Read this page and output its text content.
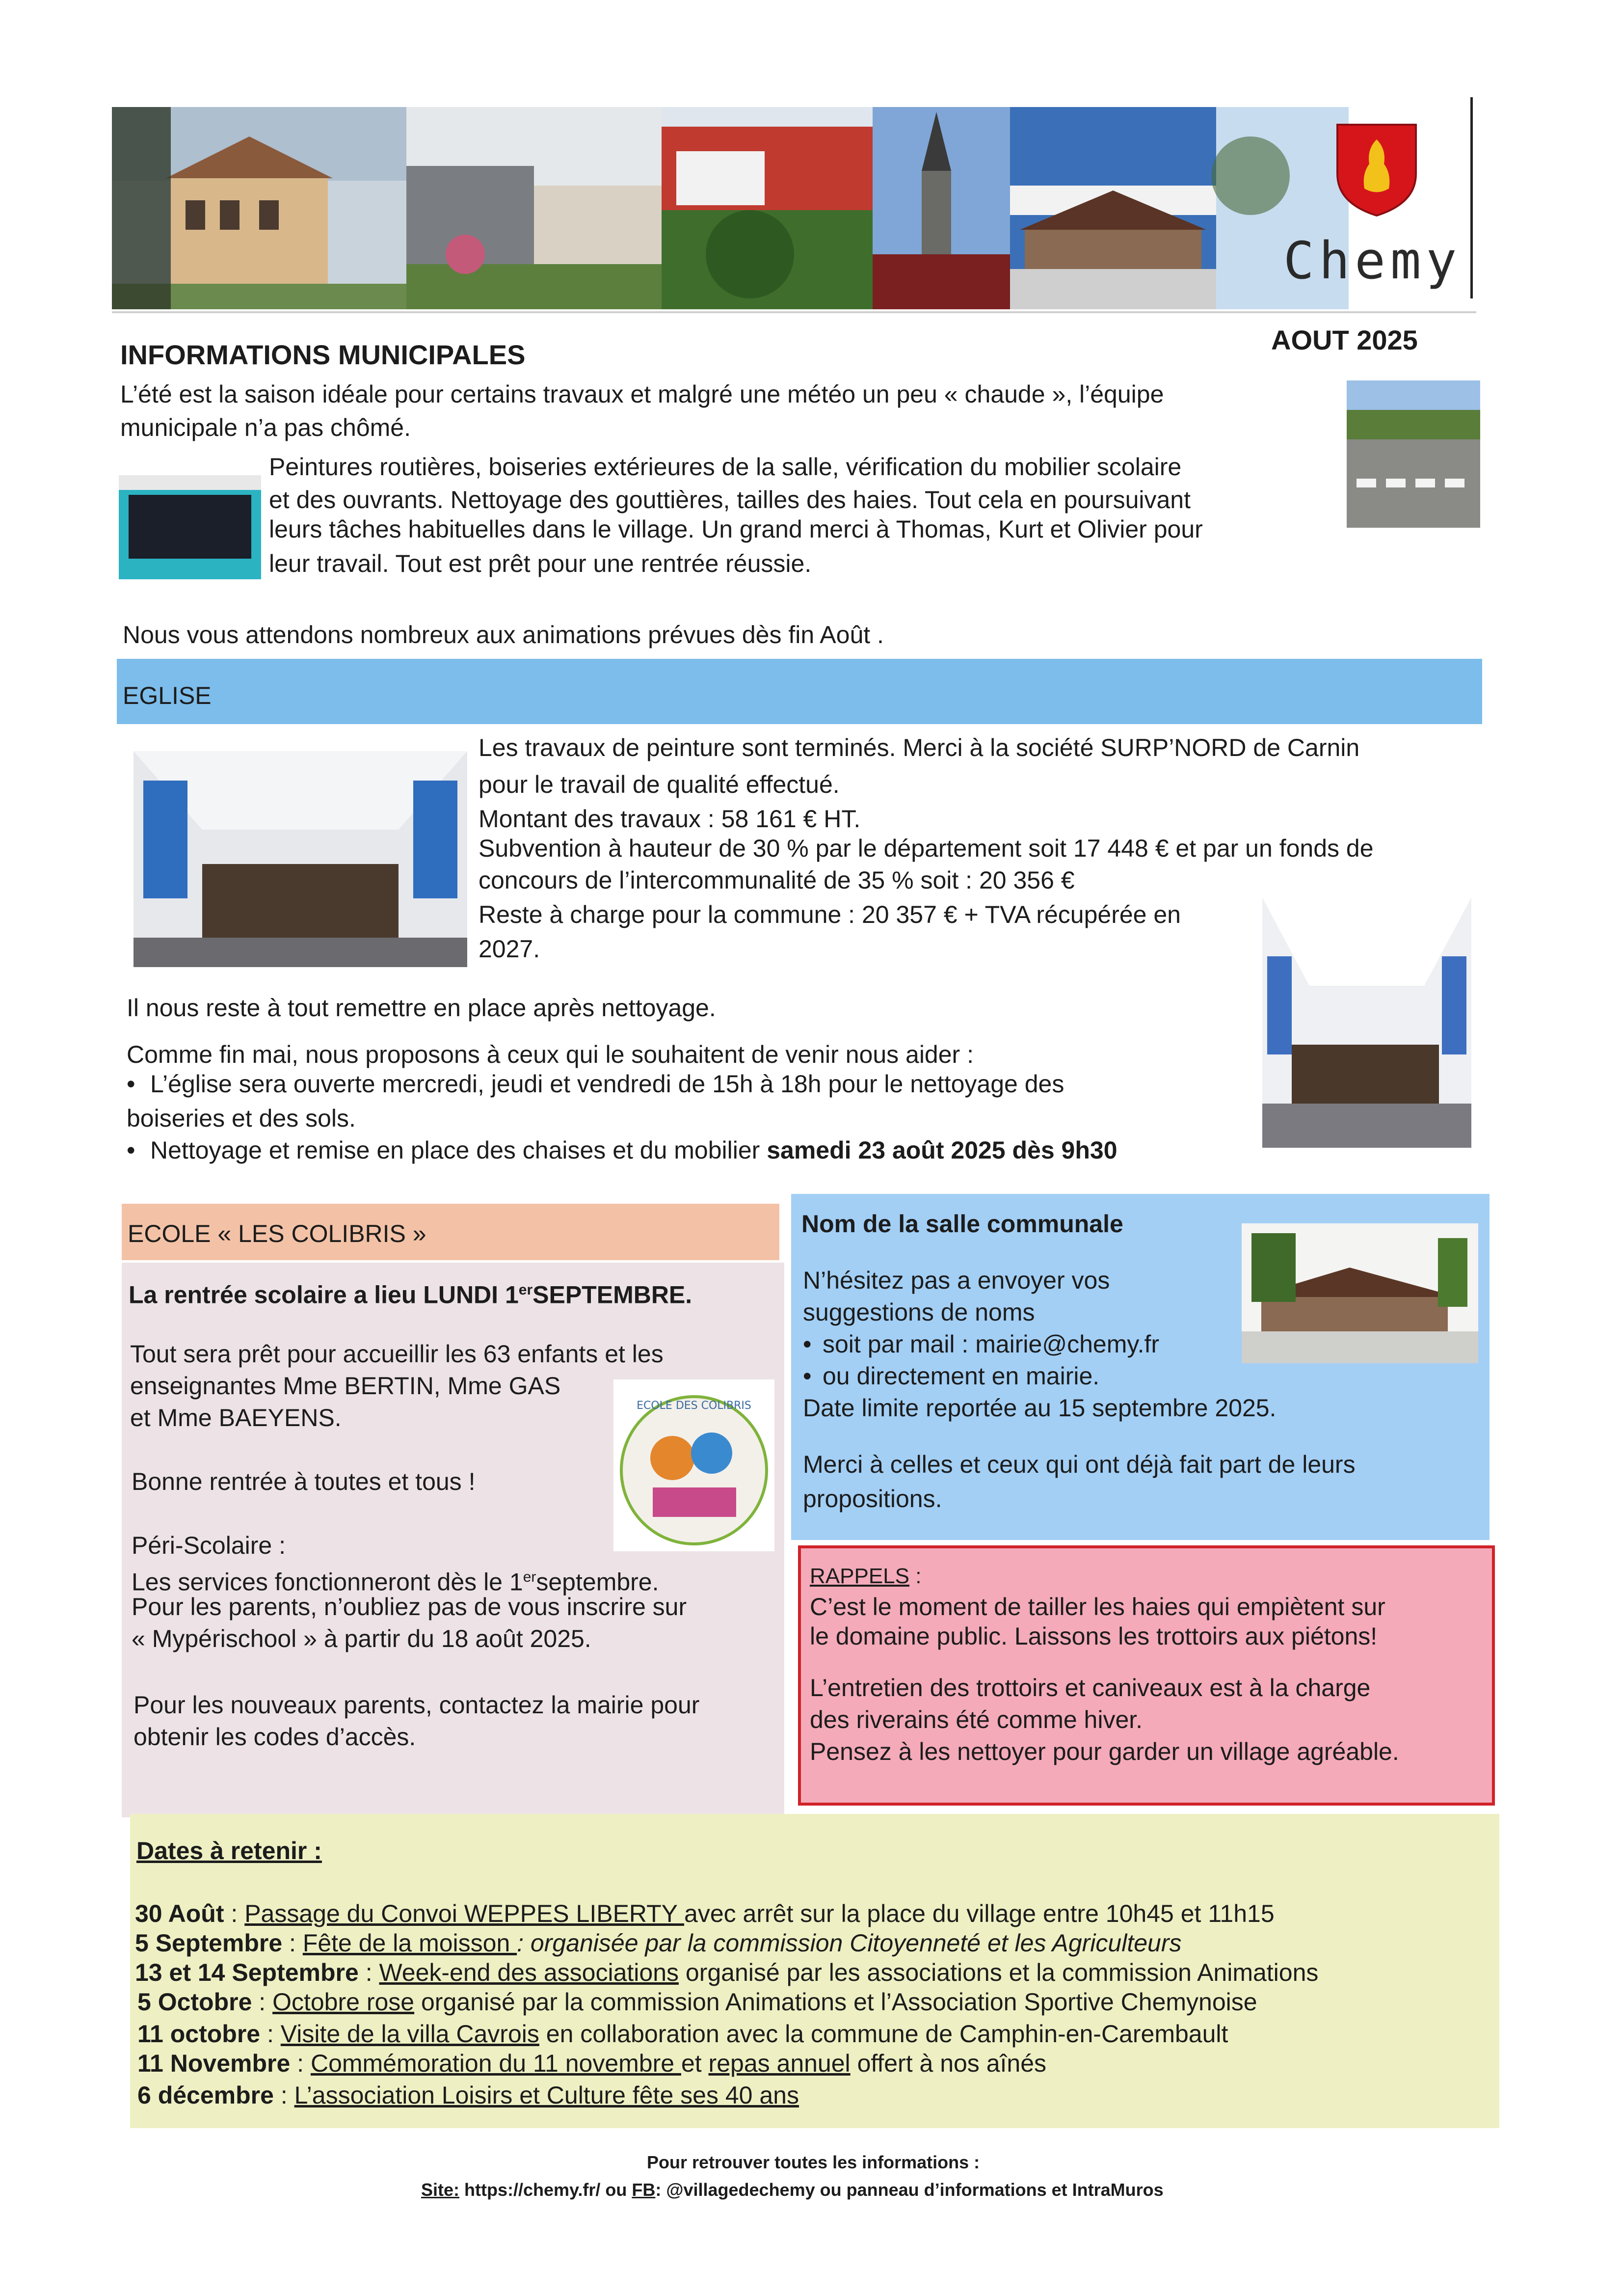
Chemy
INFORMATIONS MUNICIPALES	AOUT 2025
L’été est la saison idéale pour certains travaux et malgré une météo un peu « chaude », l’équipe
municipale n’a pas chômé.
Peintures routières, boiseries extérieures de la salle, vérification du mobilier scolaire
et des ouvrants. Nettoyage des gouttières, tailles des haies. Tout cela en poursuivant
leurs tâches habituelles dans le village. Un grand merci à Thomas, Kurt et Olivier pour
leur travail. Tout est prêt pour une rentrée réussie.
Nous vous attendons nombreux aux animations prévues dès fin Août .
EGLISE
Les travaux de peinture sont terminés. Merci à la société SURP’NORD de Carnin
pour le travail de qualité effectué.
Montant des travaux : 58 161 € HT.
Subvention à hauteur de 30 % par le département soit 17 448 € et par un fonds de
concours de l’intercommunalité de 35 % soit : 20 356 €
Reste à charge pour la commune : 20 357 € + TVA récupérée en
2027.
Il nous reste à tout remettre en place après nettoyage.
Comme fin mai, nous proposons à ceux qui le souhaitent de venir nous aider :
• L’église sera ouverte mercredi, jeudi et vendredi de 15h à 18h pour le nettoyage des
boiseries et des sols.
• Nettoyage et remise en place des chaises et du mobilier samedi 23 août 2025 dès 9h30
ECOLE « LES COLIBRIS »
La rentrée scolaire a lieu LUNDI 1erSEPTEMBRE.
Tout sera prêt pour accueillir les 63 enfants et les
enseignantes Mme BERTIN, Mme GAS
et Mme BAEYENS.	ECOLE DES COLIBRIS
Bonne rentrée à toutes et tous !
Péri-Scolaire :
Les services fonctionneront dès le 1erseptembre.
Pour les parents, n’oubliez pas de vous inscrire sur
« Mypérischool » à partir du 18 août 2025.
Pour les nouveaux parents, contactez la mairie pour
obtenir les codes d’accès.
Nom de la salle communale
N’hésitez pas a envoyer vos
suggestions de noms
• soit par mail : mairie@chemy.fr
• ou directement en mairie.
Date limite reportée au 15 septembre 2025.
Merci à celles et ceux qui ont déjà fait part de leurs
propositions.
RAPPELS :
C’est le moment de tailler les haies qui empiètent sur
le domaine public. Laissons les trottoirs aux piétons!
L’entretien des trottoirs et caniveaux est à la charge
des riverains été comme hiver.
Pensez à les nettoyer pour garder un village agréable.
Dates à retenir :
Pour retrouver toutes les informations :
Site: https://chemy.fr/ ou FB: @villagedechemy ou panneau d’informations et IntraMuros
30 Août : Passage du Convoi WEPPES LIBERTY avec arrêt sur la place du village entre 10h45 et 11h15
5 Septembre : Fête de la moisson : organisée par la commission Citoyenneté et les Agriculteurs
13 et 14 Septembre : Week-end des associations organisé par les associations et la commission Animations
5 Octobre : Octobre rose organisé par la commission Animations et l’Association Sportive Chemynoise
11 octobre : Visite de la villa Cavrois en collaboration avec la commune de Camphin-en-Carembault
11 Novembre : Commémoration du 11 novembre et repas annuel offert à nos aînés
6 décembre : L’association Loisirs et Culture fête ses 40 ans
